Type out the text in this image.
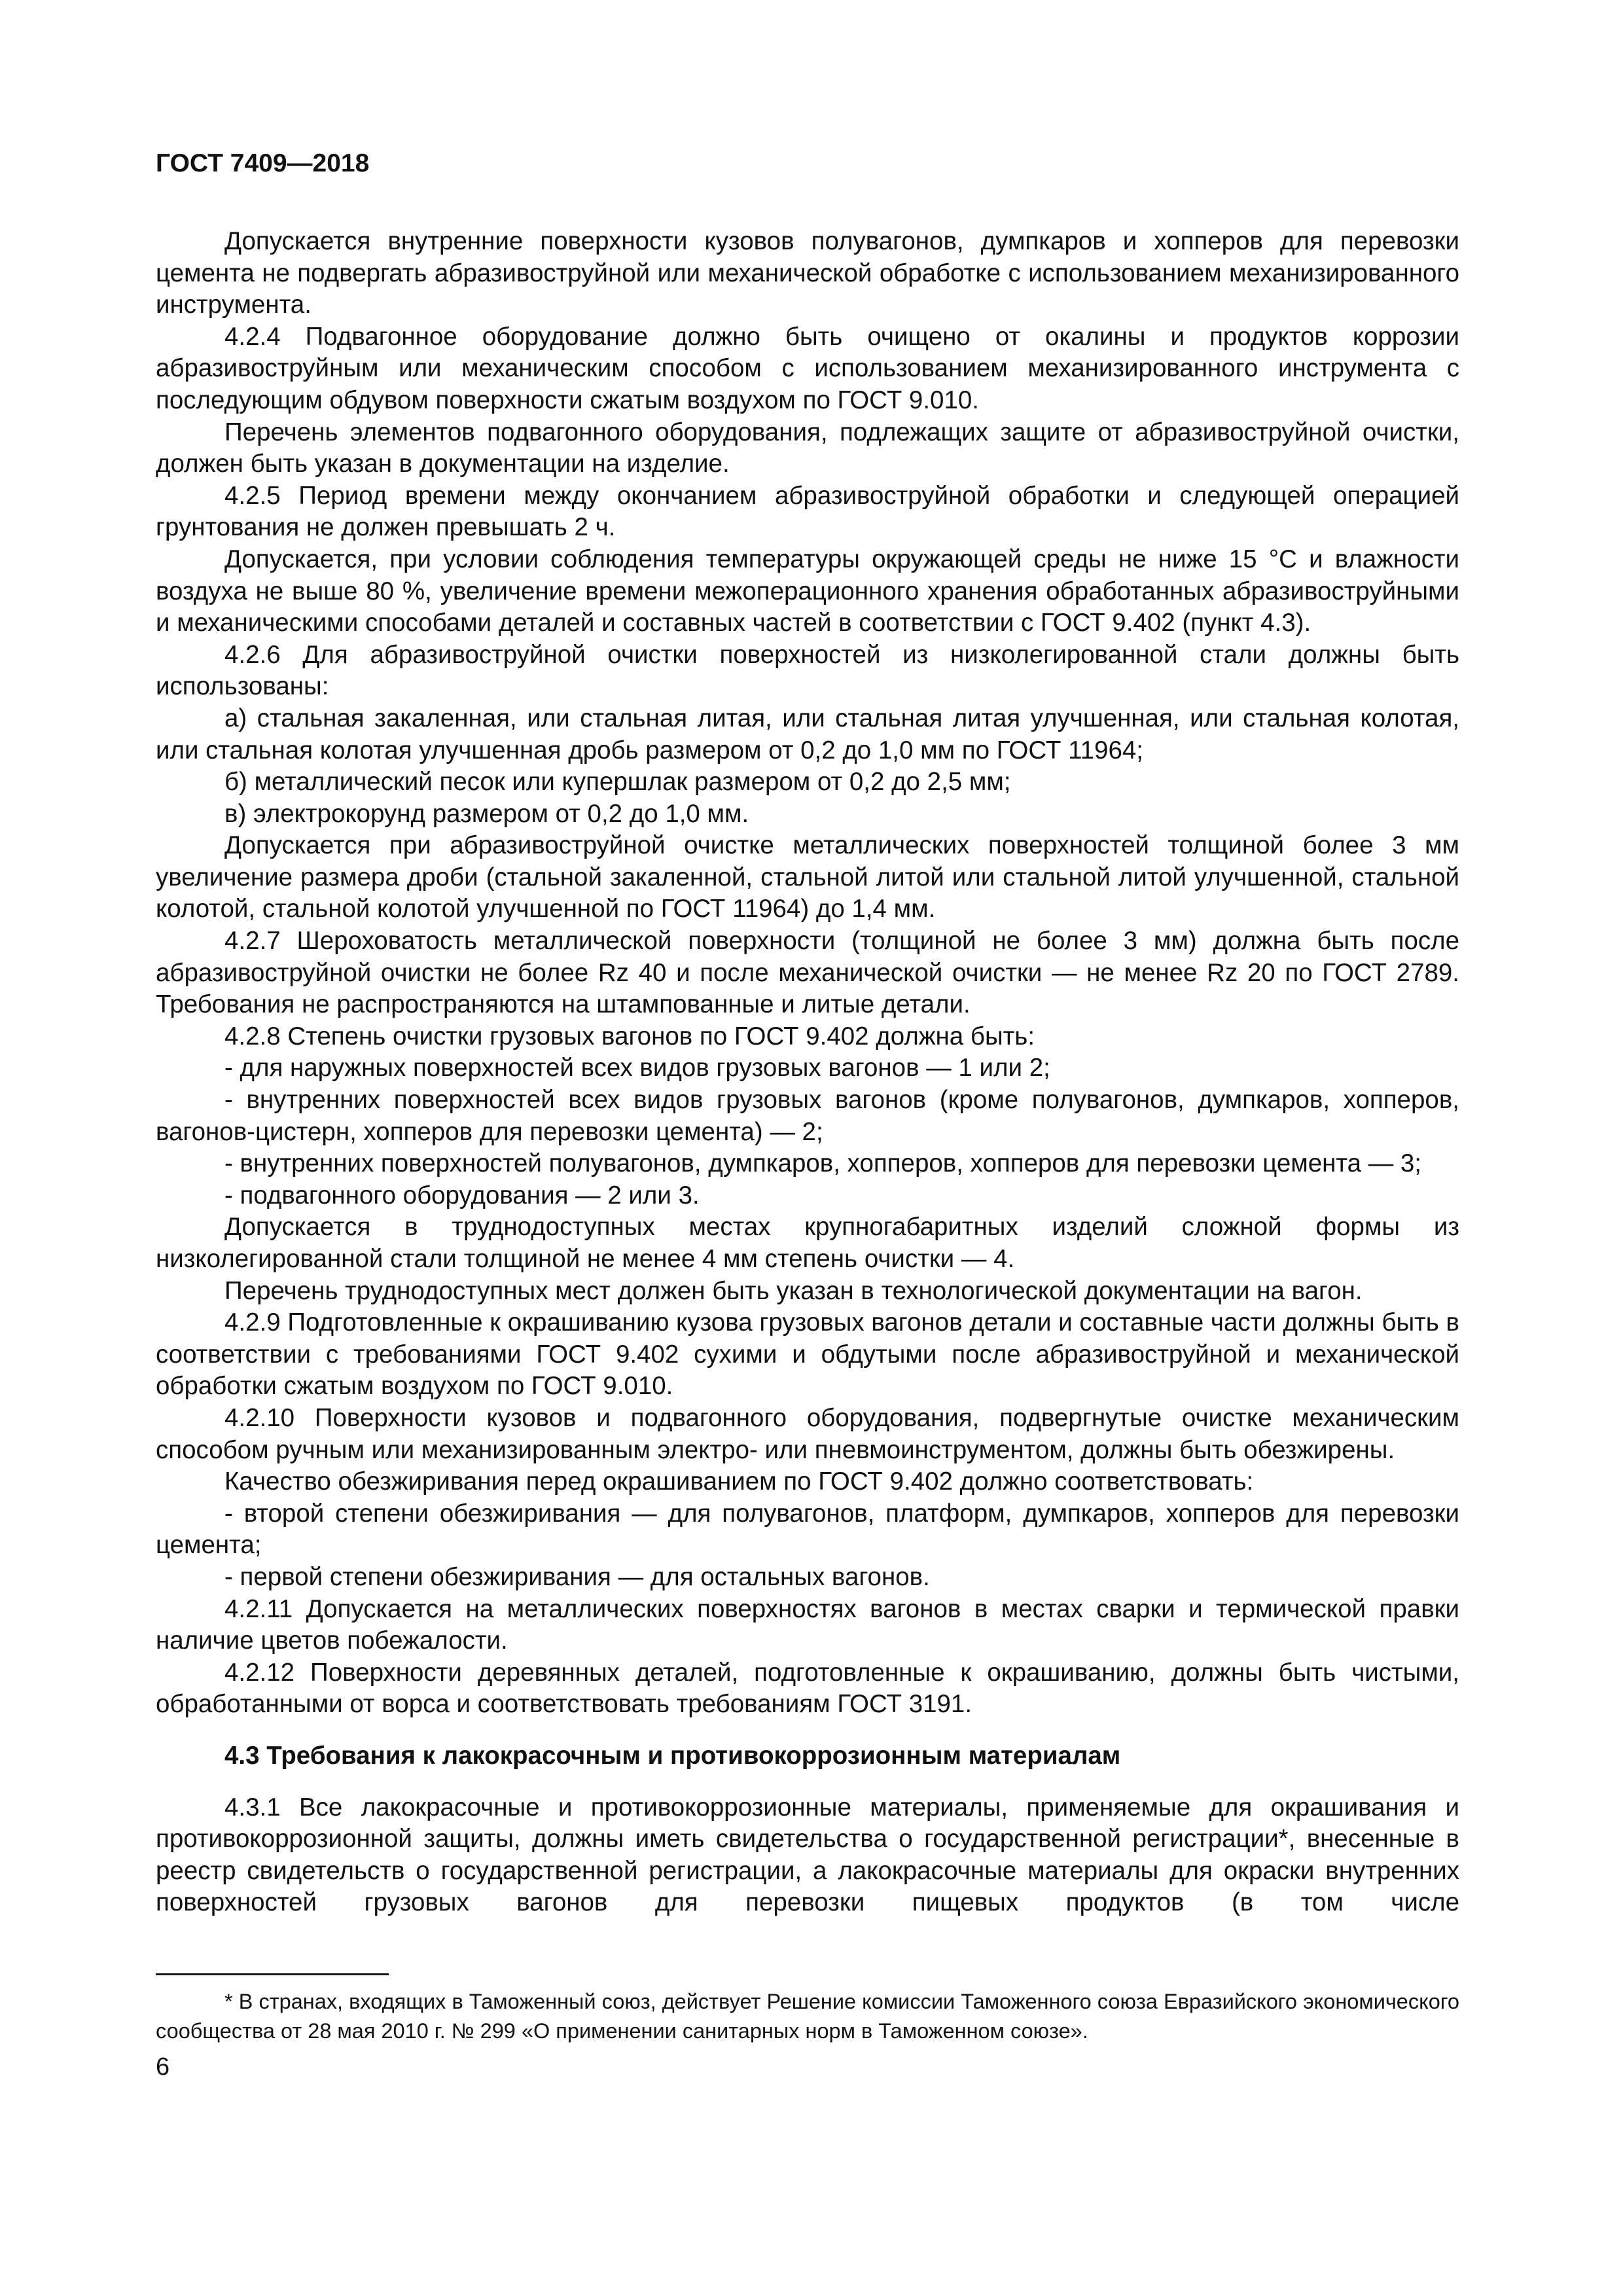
ГОСТ 7409—2018

Допускается внутренние поверхности кузовов полувагонов, думпкаров и хопперов для перевозки цемента не подвергать абразивоструйной или механической обработке с использованием механизированного инструмента.

4.2.4 Подвагонное оборудование должно быть очищено от окалины и продуктов коррозии абразивоструйным или механическим способом с использованием механизированного инструмента с последующим обдувом поверхности сжатым воздухом по ГОСТ 9.010.

Перечень элементов подвагонного оборудования, подлежащих защите от абразивоструйной очистки, должен быть указан в документации на изделие.

4.2.5 Период времени между окончанием абразивоструйной обработки и следующей операцией грунтования не должен превышать 2 ч.

Допускается, при условии соблюдения температуры окружающей среды не ниже 15 °С и влажности воздуха не выше 80 %, увеличение времени межоперационного хранения обработанных абразивоструйными и механическими способами деталей и составных частей в соответствии с ГОСТ 9.402 (пункт 4.3).

4.2.6 Для абразивоструйной очистки поверхностей из низколегированной стали должны быть использованы:

а) стальная закаленная, или стальная литая, или стальная литая улучшенная, или стальная колотая, или стальная колотая улучшенная дробь размером от 0,2 до 1,0 мм по ГОСТ 11964;

б) металлический песок или купершлак размером от 0,2 до 2,5 мм;

в) электрокорунд размером от 0,2 до 1,0 мм.

Допускается при абразивоструйной очистке металлических поверхностей толщиной более 3 мм увеличение размера дроби (стальной закаленной, стальной литой или стальной литой улучшенной, стальной колотой, стальной колотой улучшенной по ГОСТ 11964) до 1,4 мм.

4.2.7 Шероховатость металлической поверхности (толщиной не более 3 мм) должна быть после абразивоструйной очистки не более Rz 40 и после механической очистки — не менее Rz 20 по ГОСТ 2789. Требования не распространяются на штампованные и литые детали.

4.2.8 Степень очистки грузовых вагонов по ГОСТ 9.402 должна быть:

- для наружных поверхностей всех видов грузовых вагонов — 1 или 2;

- внутренних поверхностей всех видов грузовых вагонов (кроме полувагонов, думпкаров, хопперов, вагонов-цистерн, хопперов для перевозки цемента) — 2;

- внутренних поверхностей полувагонов, думпкаров, хопперов, хопперов для перевозки цемента — 3;

- подвагонного оборудования — 2 или 3.

Допускается в труднодоступных местах крупногабаритных изделий сложной формы из низколегированной стали толщиной не менее 4 мм степень очистки — 4.

Перечень труднодоступных мест должен быть указан в технологической документации на вагон.

4.2.9 Подготовленные к окрашиванию кузова грузовых вагонов детали и составные части должны быть в соответствии с требованиями ГОСТ 9.402 сухими и обдутыми после абразивоструйной и механической обработки сжатым воздухом по ГОСТ 9.010.

4.2.10 Поверхности кузовов и подвагонного оборудования, подвергнутые очистке механическим способом ручным или механизированным электро- или пневмоинструментом, должны быть обезжирены.

Качество обезжиривания перед окрашиванием по ГОСТ 9.402 должно соответствовать:

- второй степени обезжиривания — для полувагонов, платформ, думпкаров, хопперов для перевозки цемента;

- первой степени обезжиривания — для остальных вагонов.

4.2.11 Допускается на металлических поверхностях вагонов в местах сварки и термической правки наличие цветов побежалости.

4.2.12 Поверхности деревянных деталей, подготовленные к окрашиванию, должны быть чистыми, обработанными от ворса и соответствовать требованиям ГОСТ 3191.

4.3 Требования к лакокрасочным и противокоррозионным материалам

4.3.1 Все лакокрасочные и противокоррозионные материалы, применяемые для окрашивания и противокоррозионной защиты, должны иметь свидетельства о государственной регистрации*, внесенные в реестр свидетельств о государственной регистрации, а лакокрасочные материалы для окраски внутренних поверхностей грузовых вагонов для перевозки пищевых продуктов (в том числе

* В странах, входящих в Таможенный союз, действует Решение комиссии Таможенного союза Евразийского экономического сообщества от 28 мая 2010 г. № 299 «О применении санитарных норм в Таможенном союзе».

6
